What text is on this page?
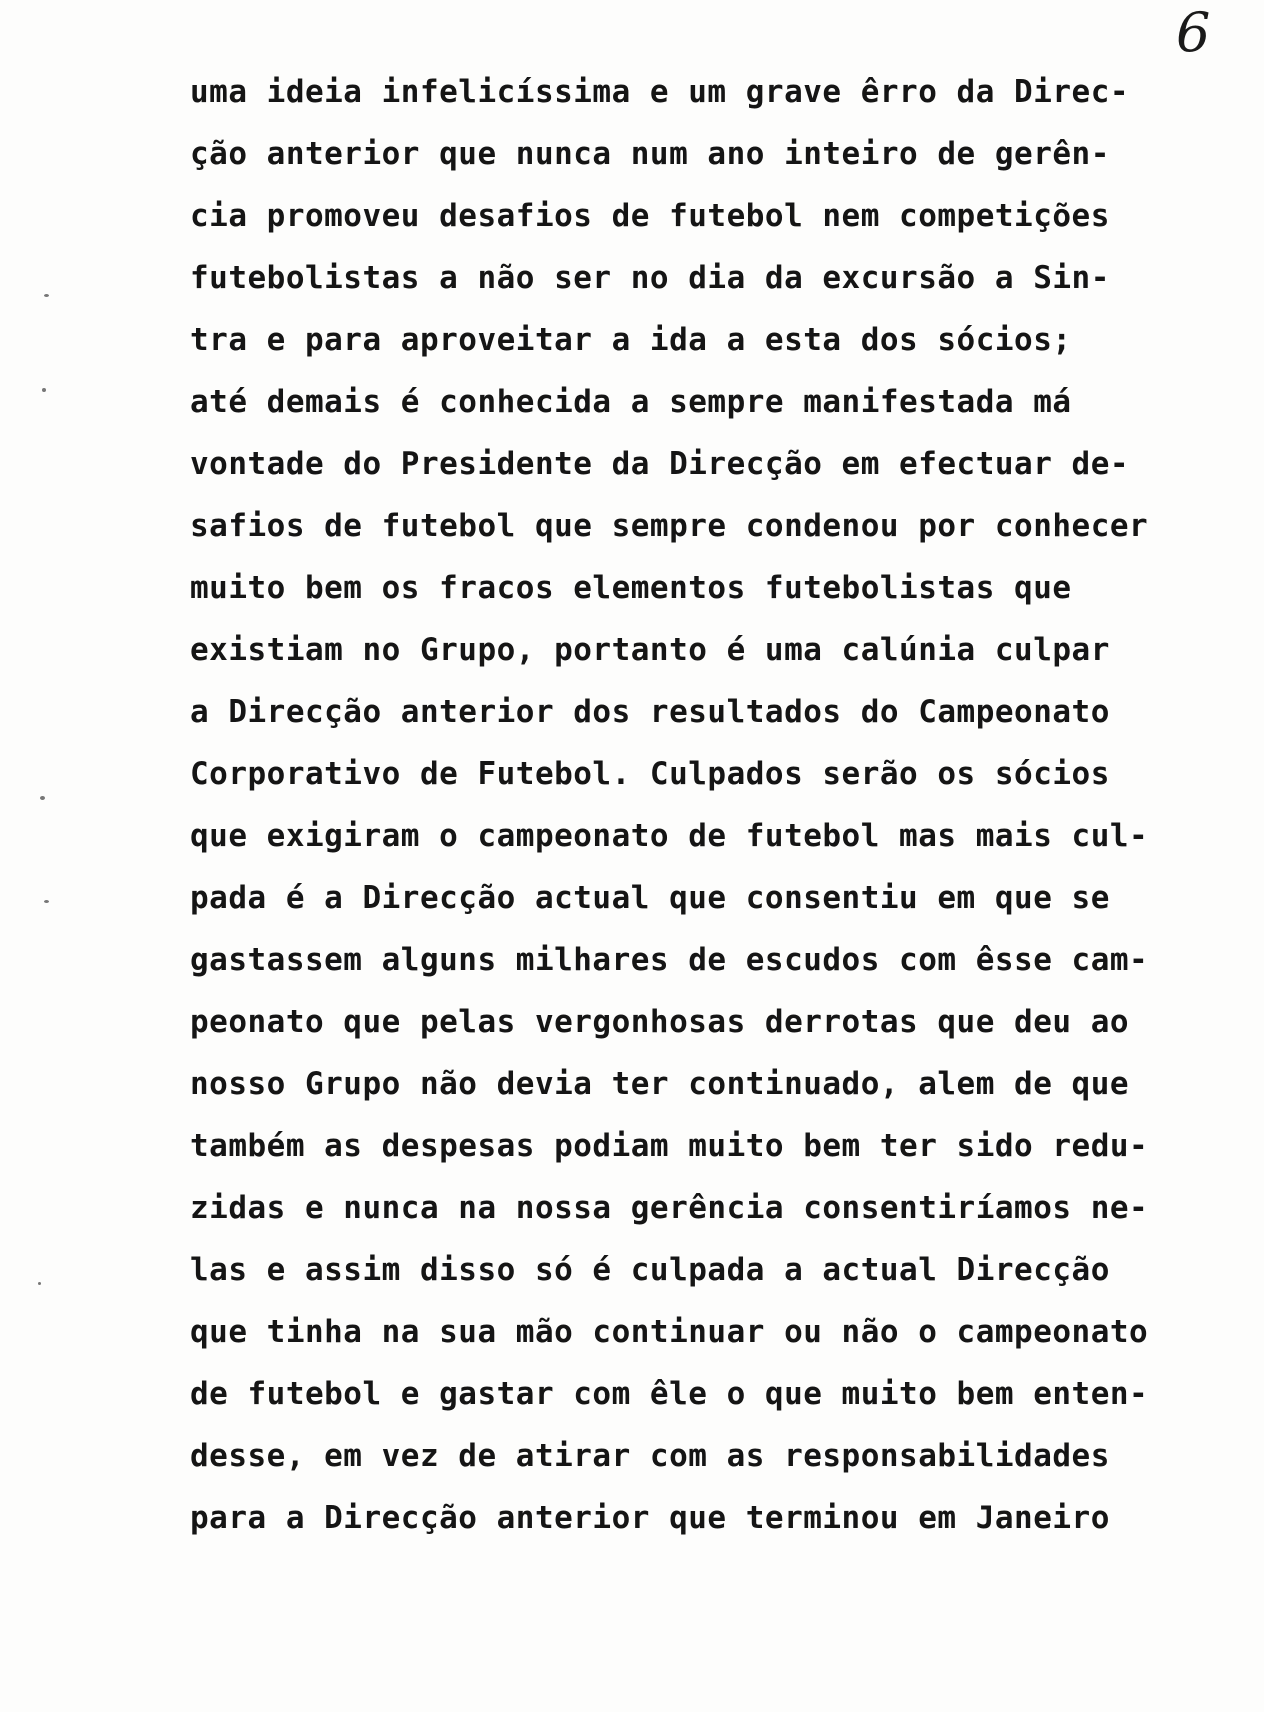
6
uma ideia infelicíssima e um grave êrro da Direc-
ção anterior que nunca num ano inteiro de gerên-
cia promoveu desafios de futebol nem competições
futebolistas a não ser no dia da excursão a Sin-
tra e para aproveitar a ida a esta dos sócios;
até demais é conhecida a sempre manifestada má
vontade do Presidente da Direcção em efectuar de-
safios de futebol que sempre condenou por conhecer
muito bem os fracos elementos futebolistas que
existiam no Grupo, portanto é uma calúnia culpar
a Direcção anterior dos resultados do Campeonato
Corporativo de Futebol. Culpados serão os sócios
que exigiram o campeonato de futebol mas mais cul-
pada é a Direcção actual que consentiu em que se
gastassem alguns milhares de escudos com êsse cam-
peonato que pelas vergonhosas derrotas que deu ao
nosso Grupo não devia ter continuado, alem de que
também as despesas podiam muito bem ter sido redu-
zidas e nunca na nossa gerência consentiríamos ne-
las e assim disso só é culpada a actual Direcção
que tinha na sua mão continuar ou não o campeonato
de futebol e gastar com êle o que muito bem enten-
desse, em vez de atirar com as responsabilidades
para a Direcção anterior que terminou em Janeiro
